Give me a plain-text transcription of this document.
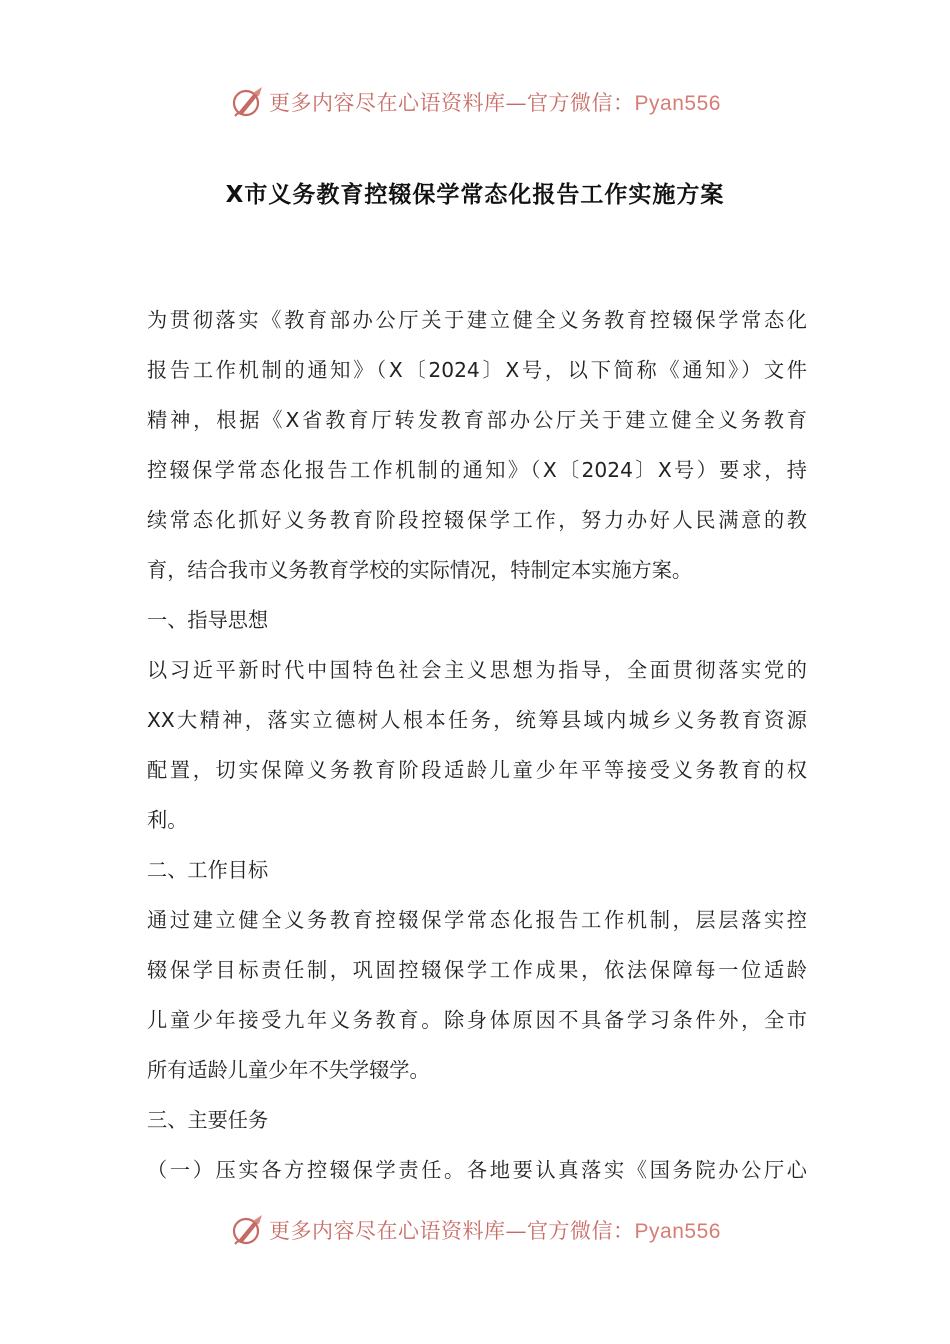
更多内容尽在心语资料库—官方微信：Pyan556
X市义务教育控辍保学常态化报告工作实施方案
为贯彻落实《教育部办公厅关于建立健全义务教育控辍保学常态化
报告工作机制的通知》（X〔2024〕X号，以下简称《通知》）文件
精神，根据《X省教育厅转发教育部办公厅关于建立健全义务教育
控辍保学常态化报告工作机制的通知》（X〔2024〕X号）要求，持
续常态化抓好义务教育阶段控辍保学工作，努力办好人民满意的教
育，结合我市义务教育学校的实际情况，特制定本实施方案。
一、指导思想
以习近平新时代中国特色社会主义思想为指导，全面贯彻落实党的
XX大精神，落实立德树人根本任务，统筹县域内城乡义务教育资源
配置，切实保障义务教育阶段适龄儿童少年平等接受义务教育的权
利。
二、工作目标
通过建立健全义务教育控辍保学常态化报告工作机制，层层落实控
辍保学目标责任制，巩固控辍保学工作成果，依法保障每一位适龄
儿童少年接受九年义务教育。除身体原因不具备学习条件外，全市
所有适龄儿童少年不失学辍学。
三、主要任务
（一）压实各方控辍保学责任。各地要认真落实《国务院办公厅心
更多内容尽在心语资料库—官方微信：Pyan556
